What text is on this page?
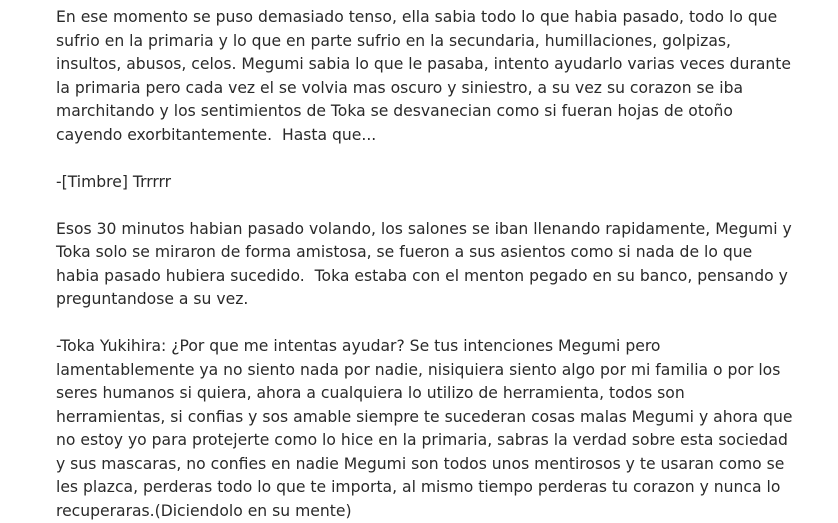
En ese momento se puso demasiado tenso, ella sabia todo lo que habia pasado, todo lo que sufrio en la primaria y lo que en parte sufrio en la secundaria, humillaciones, golpizas, insultos, abusos, celos. Megumi sabia lo que le pasaba, intento ayudarlo varias veces durante la primaria pero cada vez el se volvia mas oscuro y siniestro, a su vez su corazon se iba marchitando y los sentimientos de Toka se desvanecian como si fueran hojas de otoño cayendo exorbitantemente.  Hasta que...

-[Timbre] Trrrrr

Esos 30 minutos habian pasado volando, los salones se iban llenando rapidamente, Megumi y Toka solo se miraron de forma amistosa, se fueron a sus asientos como si nada de lo que habia pasado hubiera sucedido.  Toka estaba con el menton pegado en su banco, pensando y preguntandose a su vez.

-Toka Yukihira: ¿Por que me intentas ayudar? Se tus intenciones Megumi pero lamentablemente ya no siento nada por nadie, nisiquiera siento algo por mi familia o por los seres humanos si quiera, ahora a cualquiera lo utilizo de herramienta, todos son herramientas, si confias y sos amable siempre te sucederan cosas malas Megumi y ahora que no estoy yo para protejerte como lo hice en la primaria, sabras la verdad sobre esta sociedad y sus mascaras, no confies en nadie Megumi son todos unos mentirosos y te usaran como se les plazca, perderas todo lo que te importa, al mismo tiempo perderas tu corazon y nunca lo recuperaras.(Diciendolo en su mente)
